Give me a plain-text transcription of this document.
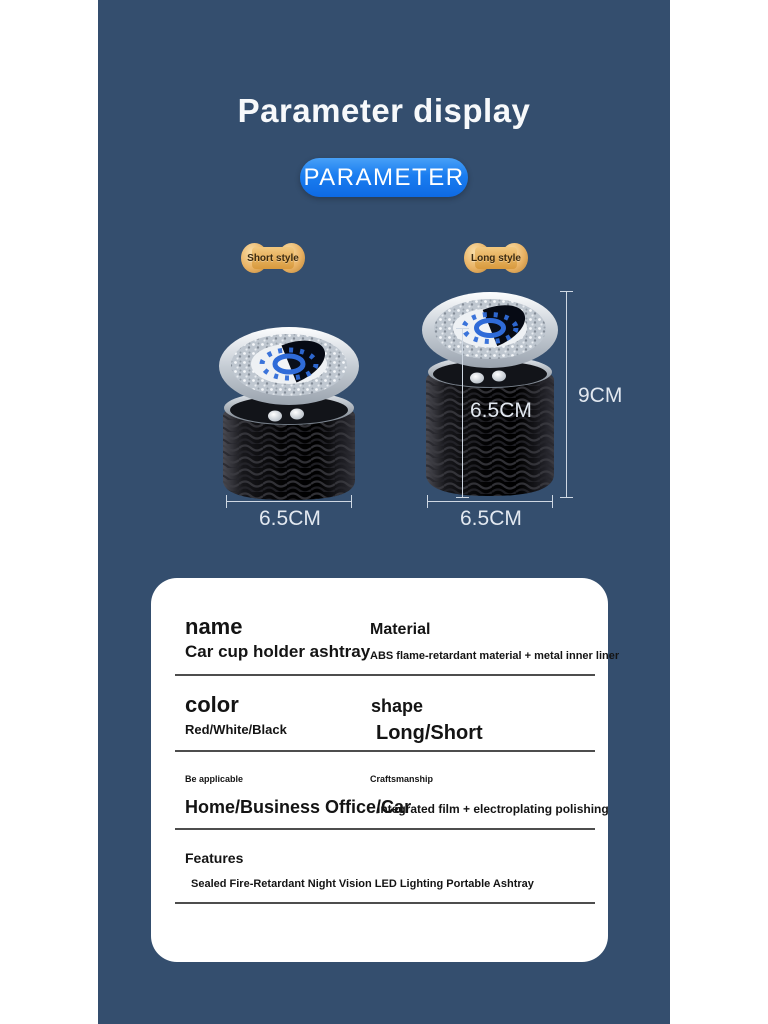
Parameter display
PARAMETER
Short style	Long style
6.5CM
6.5CM
9CM
6.5CM
name
Car cup holder ashtray
Material
ABS flame-retardant material + metal inner liner
color
Red/White/Black
shape
Long/Short
Be applicable
Home/Business Office/Car
Craftsmanship
Integrated film + electroplating polishing
Features
Sealed Fire-Retardant Night Vision LED Lighting Portable Ashtray
